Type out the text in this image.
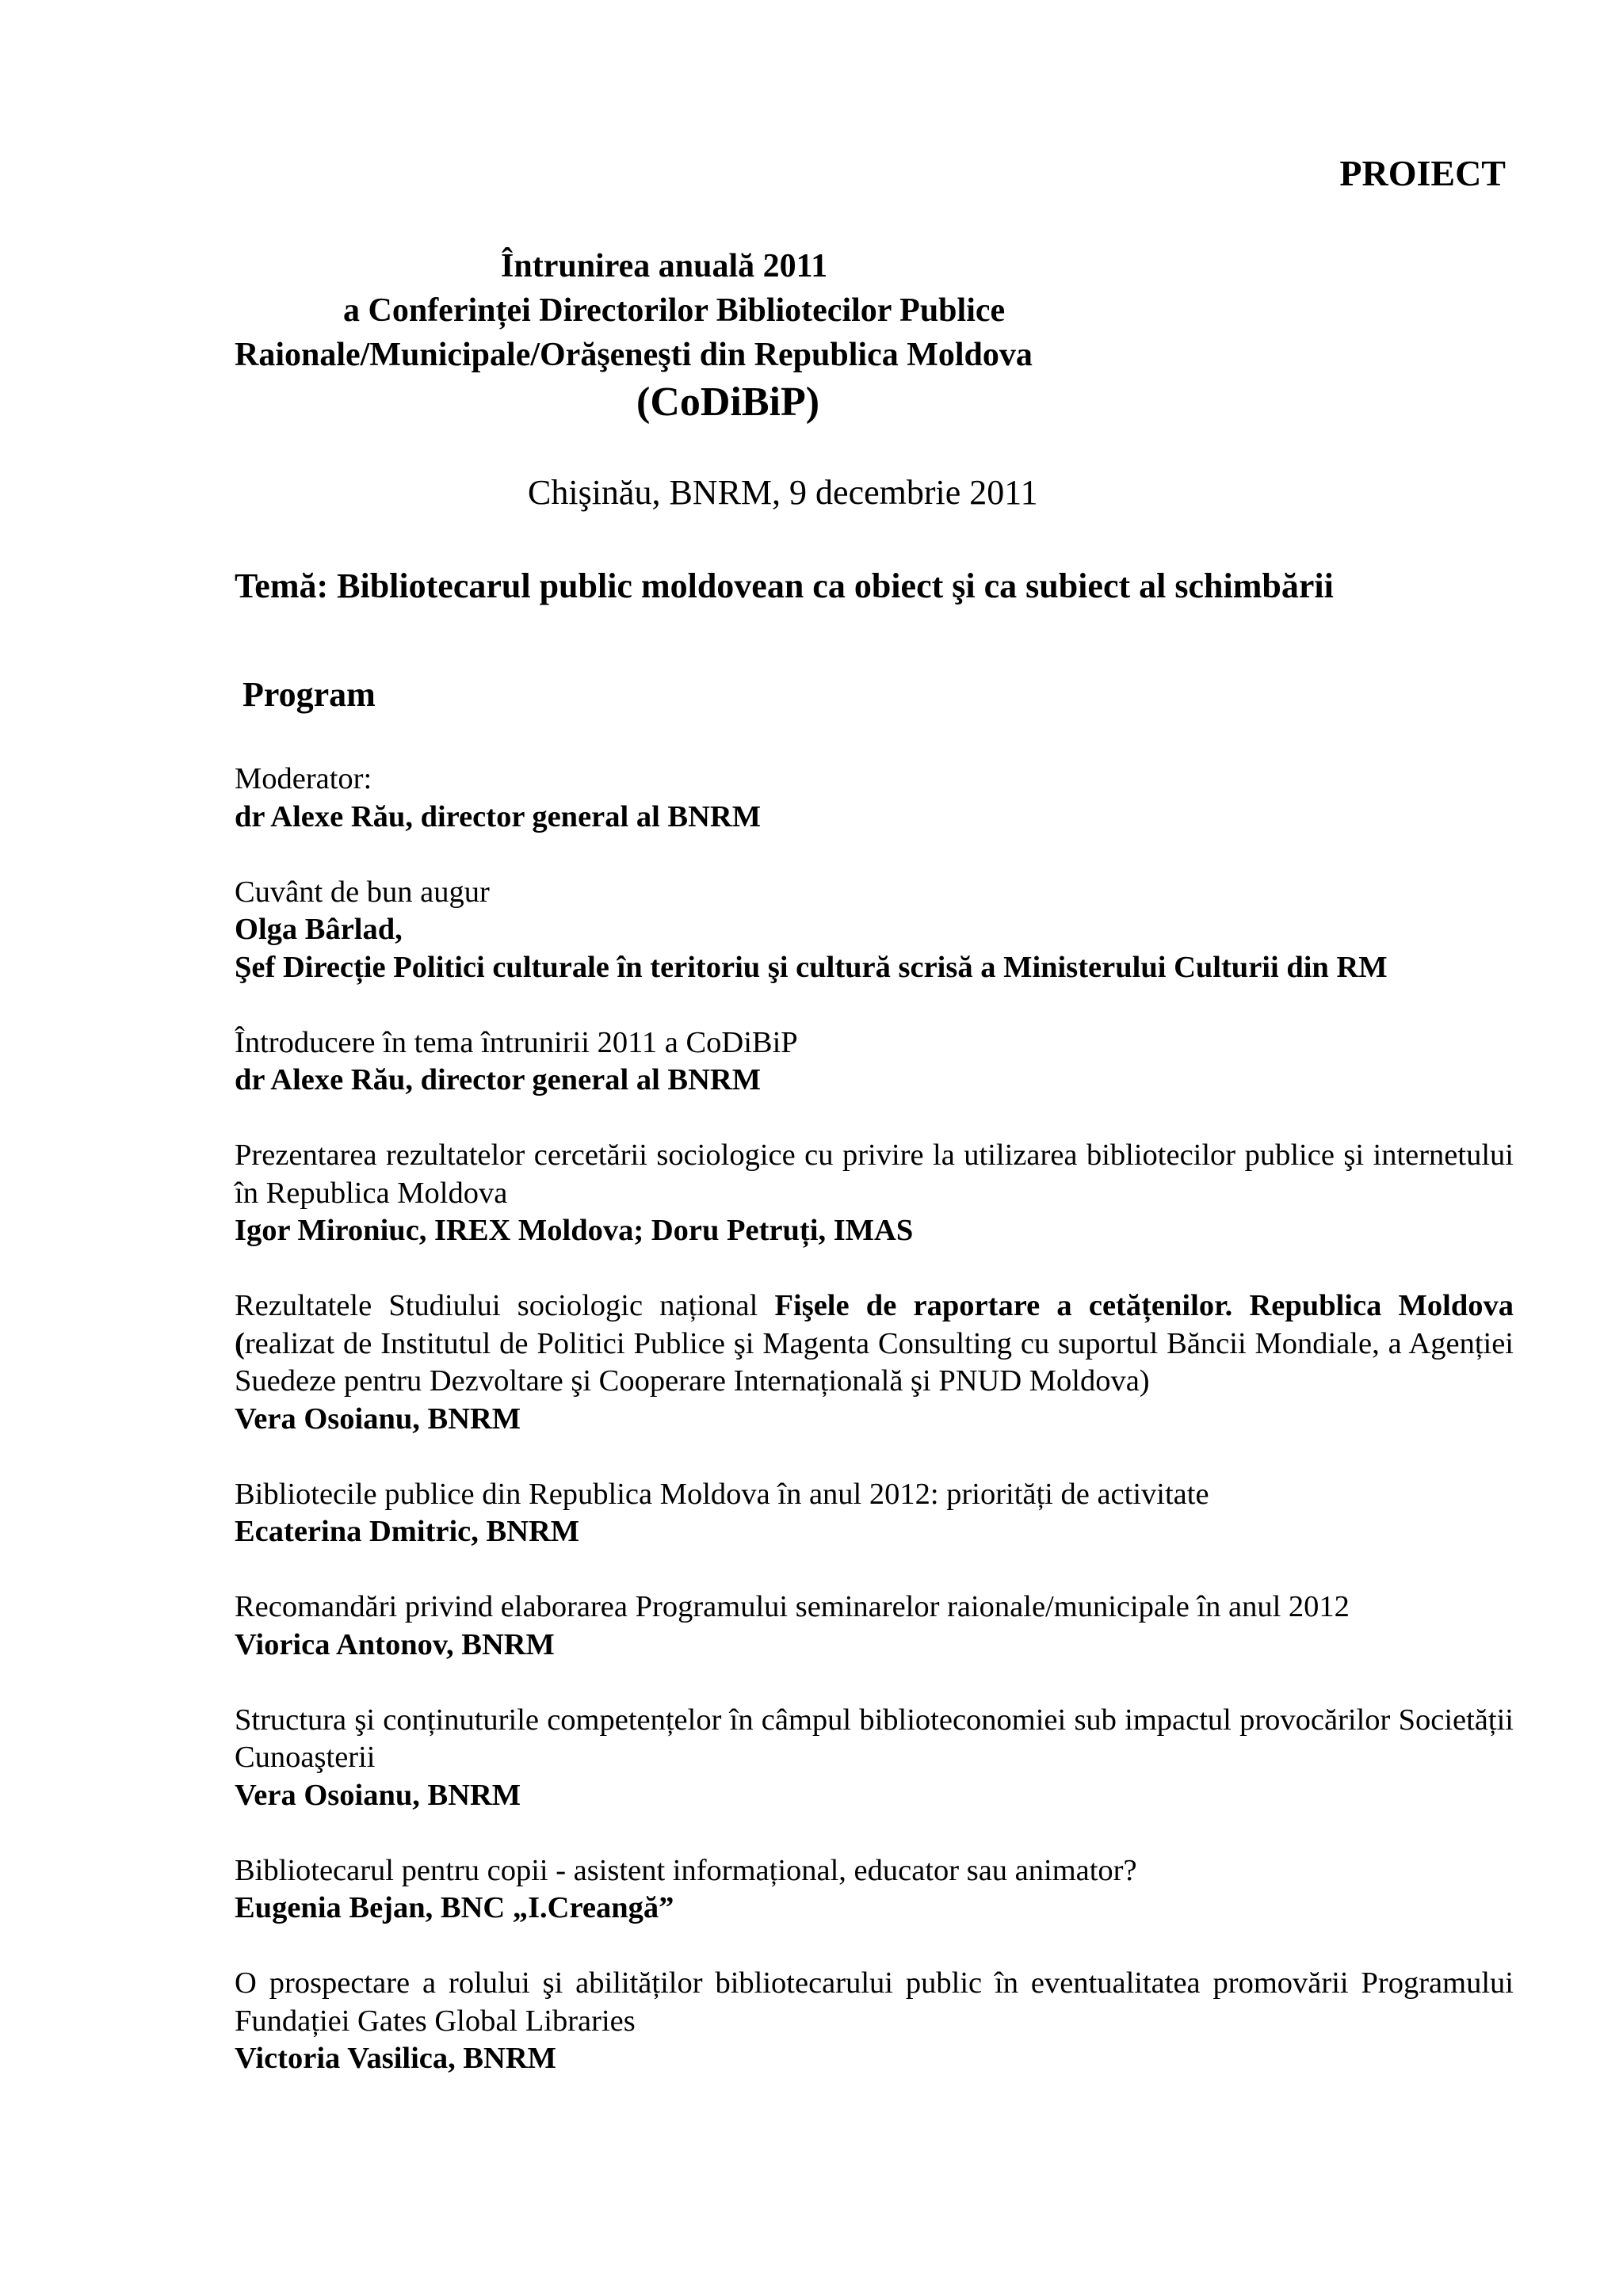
PROIECT
Întrunirea anuală 2011
a Conferinței Directorilor Bibliotecilor Publice
Raionale/Municipale/Orăşeneşti din Republica Moldova
(CoDiBiP)
Chişinău, BNRM, 9 decembrie 2011
Temă: Bibliotecarul public moldovean ca obiect şi ca subiect al schimbării
Program
Moderator:
dr Alexe Rău, director general al BNRM
Cuvânt de bun augur
Olga Bârlad,
Şef Direcție Politici culturale în teritoriu şi cultură scrisă a Ministerului Culturii din RM
Întroducere în tema întrunirii 2011 a CoDiBiP
dr Alexe Rău, director general al BNRM
Prezentarea rezultatelor cercetării sociologice cu privire la utilizarea bibliotecilor publice şi internetului în Republica Moldova
Igor Mironiuc, IREX Moldova; Doru Petruți, IMAS
Rezultatele Studiului sociologic național Fişele de raportare a cetățenilor. Republica Moldova (realizat de Institutul de Politici Publice şi Magenta Consulting cu suportul Băncii Mondiale, a Agenției Suedeze pentru Dezvoltare şi Cooperare Internațională şi PNUD Moldova)
Vera Osoianu, BNRM
Bibliotecile publice din Republica Moldova în anul 2012: priorități de activitate
Ecaterina Dmitric, BNRM
Recomandări privind elaborarea Programului seminarelor raionale/municipale în anul 2012
Viorica Antonov, BNRM
Structura şi conținuturile competențelor în câmpul biblioteconomiei sub impactul provocărilor Societății Cunoaşterii
Vera Osoianu, BNRM
Bibliotecarul pentru copii - asistent informațional, educator sau animator?
Eugenia Bejan, BNC „I.Creangă”
O prospectare a rolului şi abilităților bibliotecarului public în eventualitatea promovării Programului Fundației Gates Global Libraries
Victoria Vasilica, BNRM
